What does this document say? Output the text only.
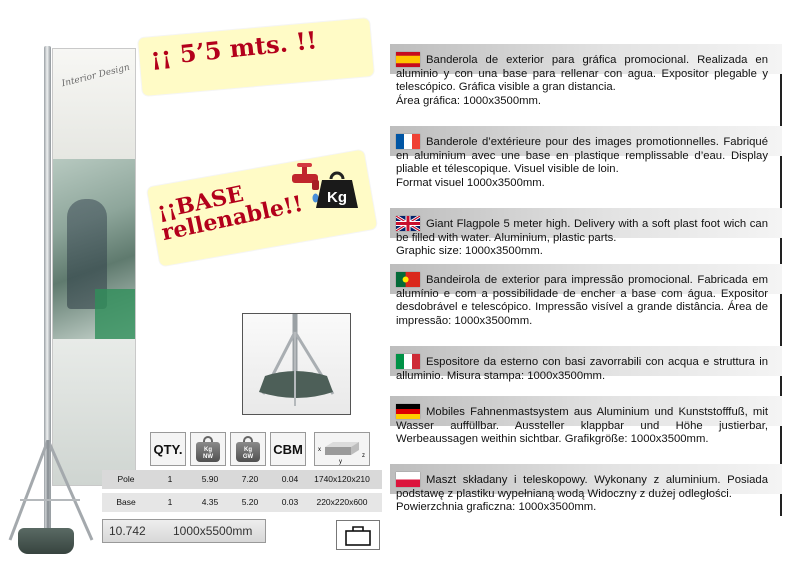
Interior Design
¡¡ 5’5 mts. !!
¡¡BASE rellenable!!	Kg
QTY.	Kg
NW
Kg
GW
CBM	x
y
z
Pole	1	5.90	7.20	0.04	1740x120x210
Base	1	4.35	5.20	0.03	220x220x600
10.742 1000x5500mm

Banderola de exterior para gráfica promocional. Realizada en aluminio y con una base para rellenar con agua. Expositor plegable y telescópico. Gráfica visible a gran distancia.
Área gráfica: 1000x3500mm.

Banderole d’extérieure pour des images promotionnelles. Fabriqué en aluminium avec une base en plastique remplissable d’eau. Display pliable et télescopique. Visuel visible de loin.
Format visuel 1000x3500mm.

Giant Flagpole 5 meter high. Delivery with a soft plast foot wich can be filled with water. Aluminium, plastic parts.
Graphic size: 1000x3500mm.

Bandeirola de exterior para impressão promocional. Fabricada em alumínio e com a possibilidade de encher a base com água. Expositor desdobrável e telescópico. Impressão visível a grande distância. Área de impressão: 1000x3500mm.

Espositore da esterno con basi zavorrabili con acqua e struttura in alluminio. Misura stampa: 1000x3500mm.

Mobiles Fahnenmastsystem aus Aluminium und Kunststofffuß, mit Wasser auffüllbar. Aussteller klappbar und Höhe justierbar, Werbeaussagen weithin sichtbar. Grafikgröße: 1000x3500mm.

Maszt składany i teleskopowy. Wykonany z aluminium. Posiada podstawę z plastiku wypełnianą wodą Widoczny z dużej odległości.
Powierzchnia graficzna: 1000x3500mm.
